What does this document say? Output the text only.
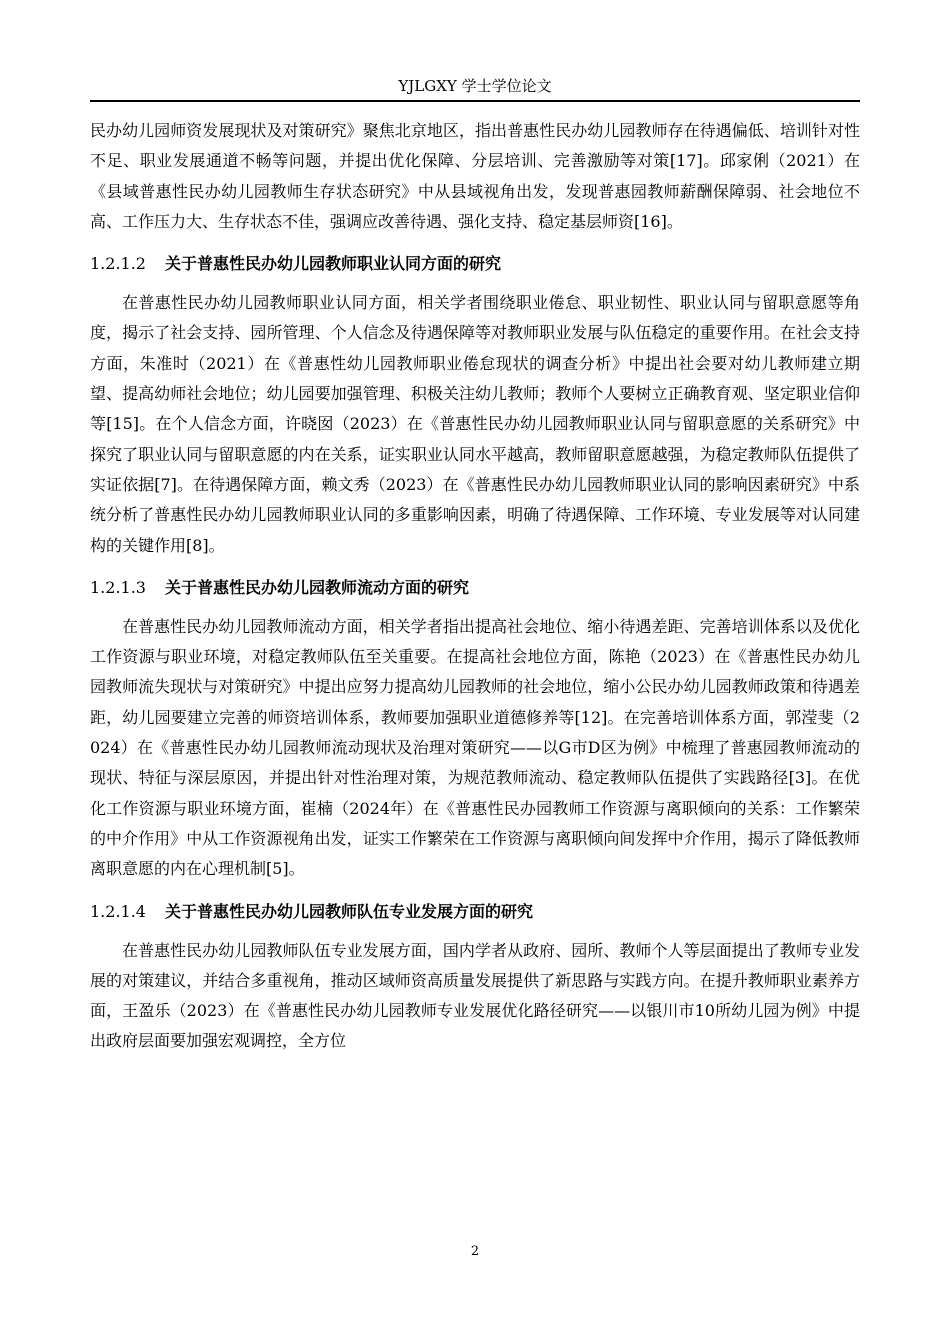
YJLGXY 学士学位论文

民办幼儿园师资发展现状及对策研究》聚焦北京地区，指出普惠性民办幼儿园教师存在待遇偏低、培训针对性不足、职业发展通道不畅等问题，并提出优化保障、分层培训、完善激励等对策[17]。邱家俐（2021）在《县域普惠性民办幼儿园教师生存状态研究》中从县域视角出发，发现普惠园教师薪酬保障弱、社会地位不高、工作压力大、生存状态不佳，强调应改善待遇、强化支持、稳定基层师资[16]。

1.2.1.2 关于普惠性民办幼儿园教师职业认同方面的研究

在普惠性民办幼儿园教师职业认同方面，相关学者围绕职业倦怠、职业韧性、职业认同与留职意愿等角度，揭示了社会支持、园所管理、个人信念及待遇保障等对教师职业发展与队伍稳定的重要作用。在社会支持方面，朱准时（2021）在《普惠性幼儿园教师职业倦怠现状的调查分析》中提出社会要对幼儿教师建立期望、提高幼师社会地位；幼儿园要加强管理、积极关注幼儿教师；教师个人要树立正确教育观、坚定职业信仰等[15]。在个人信念方面，许晓囡（2023）在《普惠性民办幼儿园教师职业认同与留职意愿的关系研究》中探究了职业认同与留职意愿的内在关系，证实职业认同水平越高，教师留职意愿越强，为稳定教师队伍提供了实证依据[7]。在待遇保障方面，赖文秀（2023）在《普惠性民办幼儿园教师职业认同的影响因素研究》中系统分析了普惠性民办幼儿园教师职业认同的多重影响因素，明确了待遇保障、工作环境、专业发展等对认同建构的关键作用[8]。

1.2.1.3 关于普惠性民办幼儿园教师流动方面的研究

在普惠性民办幼儿园教师流动方面，相关学者指出提高社会地位、缩小待遇差距、完善培训体系以及优化工作资源与职业环境，对稳定教师队伍至关重要。在提高社会地位方面，陈艳（2023）在《普惠性民办幼儿园教师流失现状与对策研究》中提出应努力提高幼儿园教师的社会地位，缩小公民办幼儿园教师政策和待遇差距，幼儿园要建立完善的师资培训体系，教师要加强职业道德修养等[12]。在完善培训体系方面，郭滢斐（2024）在《普惠性民办幼儿园教师流动现状及治理对策研究——以G市D区为例》中梳理了普惠园教师流动的现状、特征与深层原因，并提出针对性治理对策，为规范教师流动、稳定教师队伍提供了实践路径[3]。在优化工作资源与职业环境方面，崔楠（2024年）在《普惠性民办园教师工作资源与离职倾向的关系：工作繁荣的中介作用》中从工作资源视角出发，证实工作繁荣在工作资源与离职倾向间发挥中介作用，揭示了降低教师离职意愿的内在心理机制[5]。

1.2.1.4 关于普惠性民办幼儿园教师队伍专业发展方面的研究

在普惠性民办幼儿园教师队伍专业发展方面，国内学者从政府、园所、教师个人等层面提出了教师专业发展的对策建议，并结合多重视角，推动区域师资高质量发展提供了新思路与实践方向。在提升教师职业素养方面，王盈乐（2023）在《普惠性民办幼儿园教师专业发展优化路径研究——以银川市10所幼儿园为例》中提出政府层面要加强宏观调控，全方位

2
